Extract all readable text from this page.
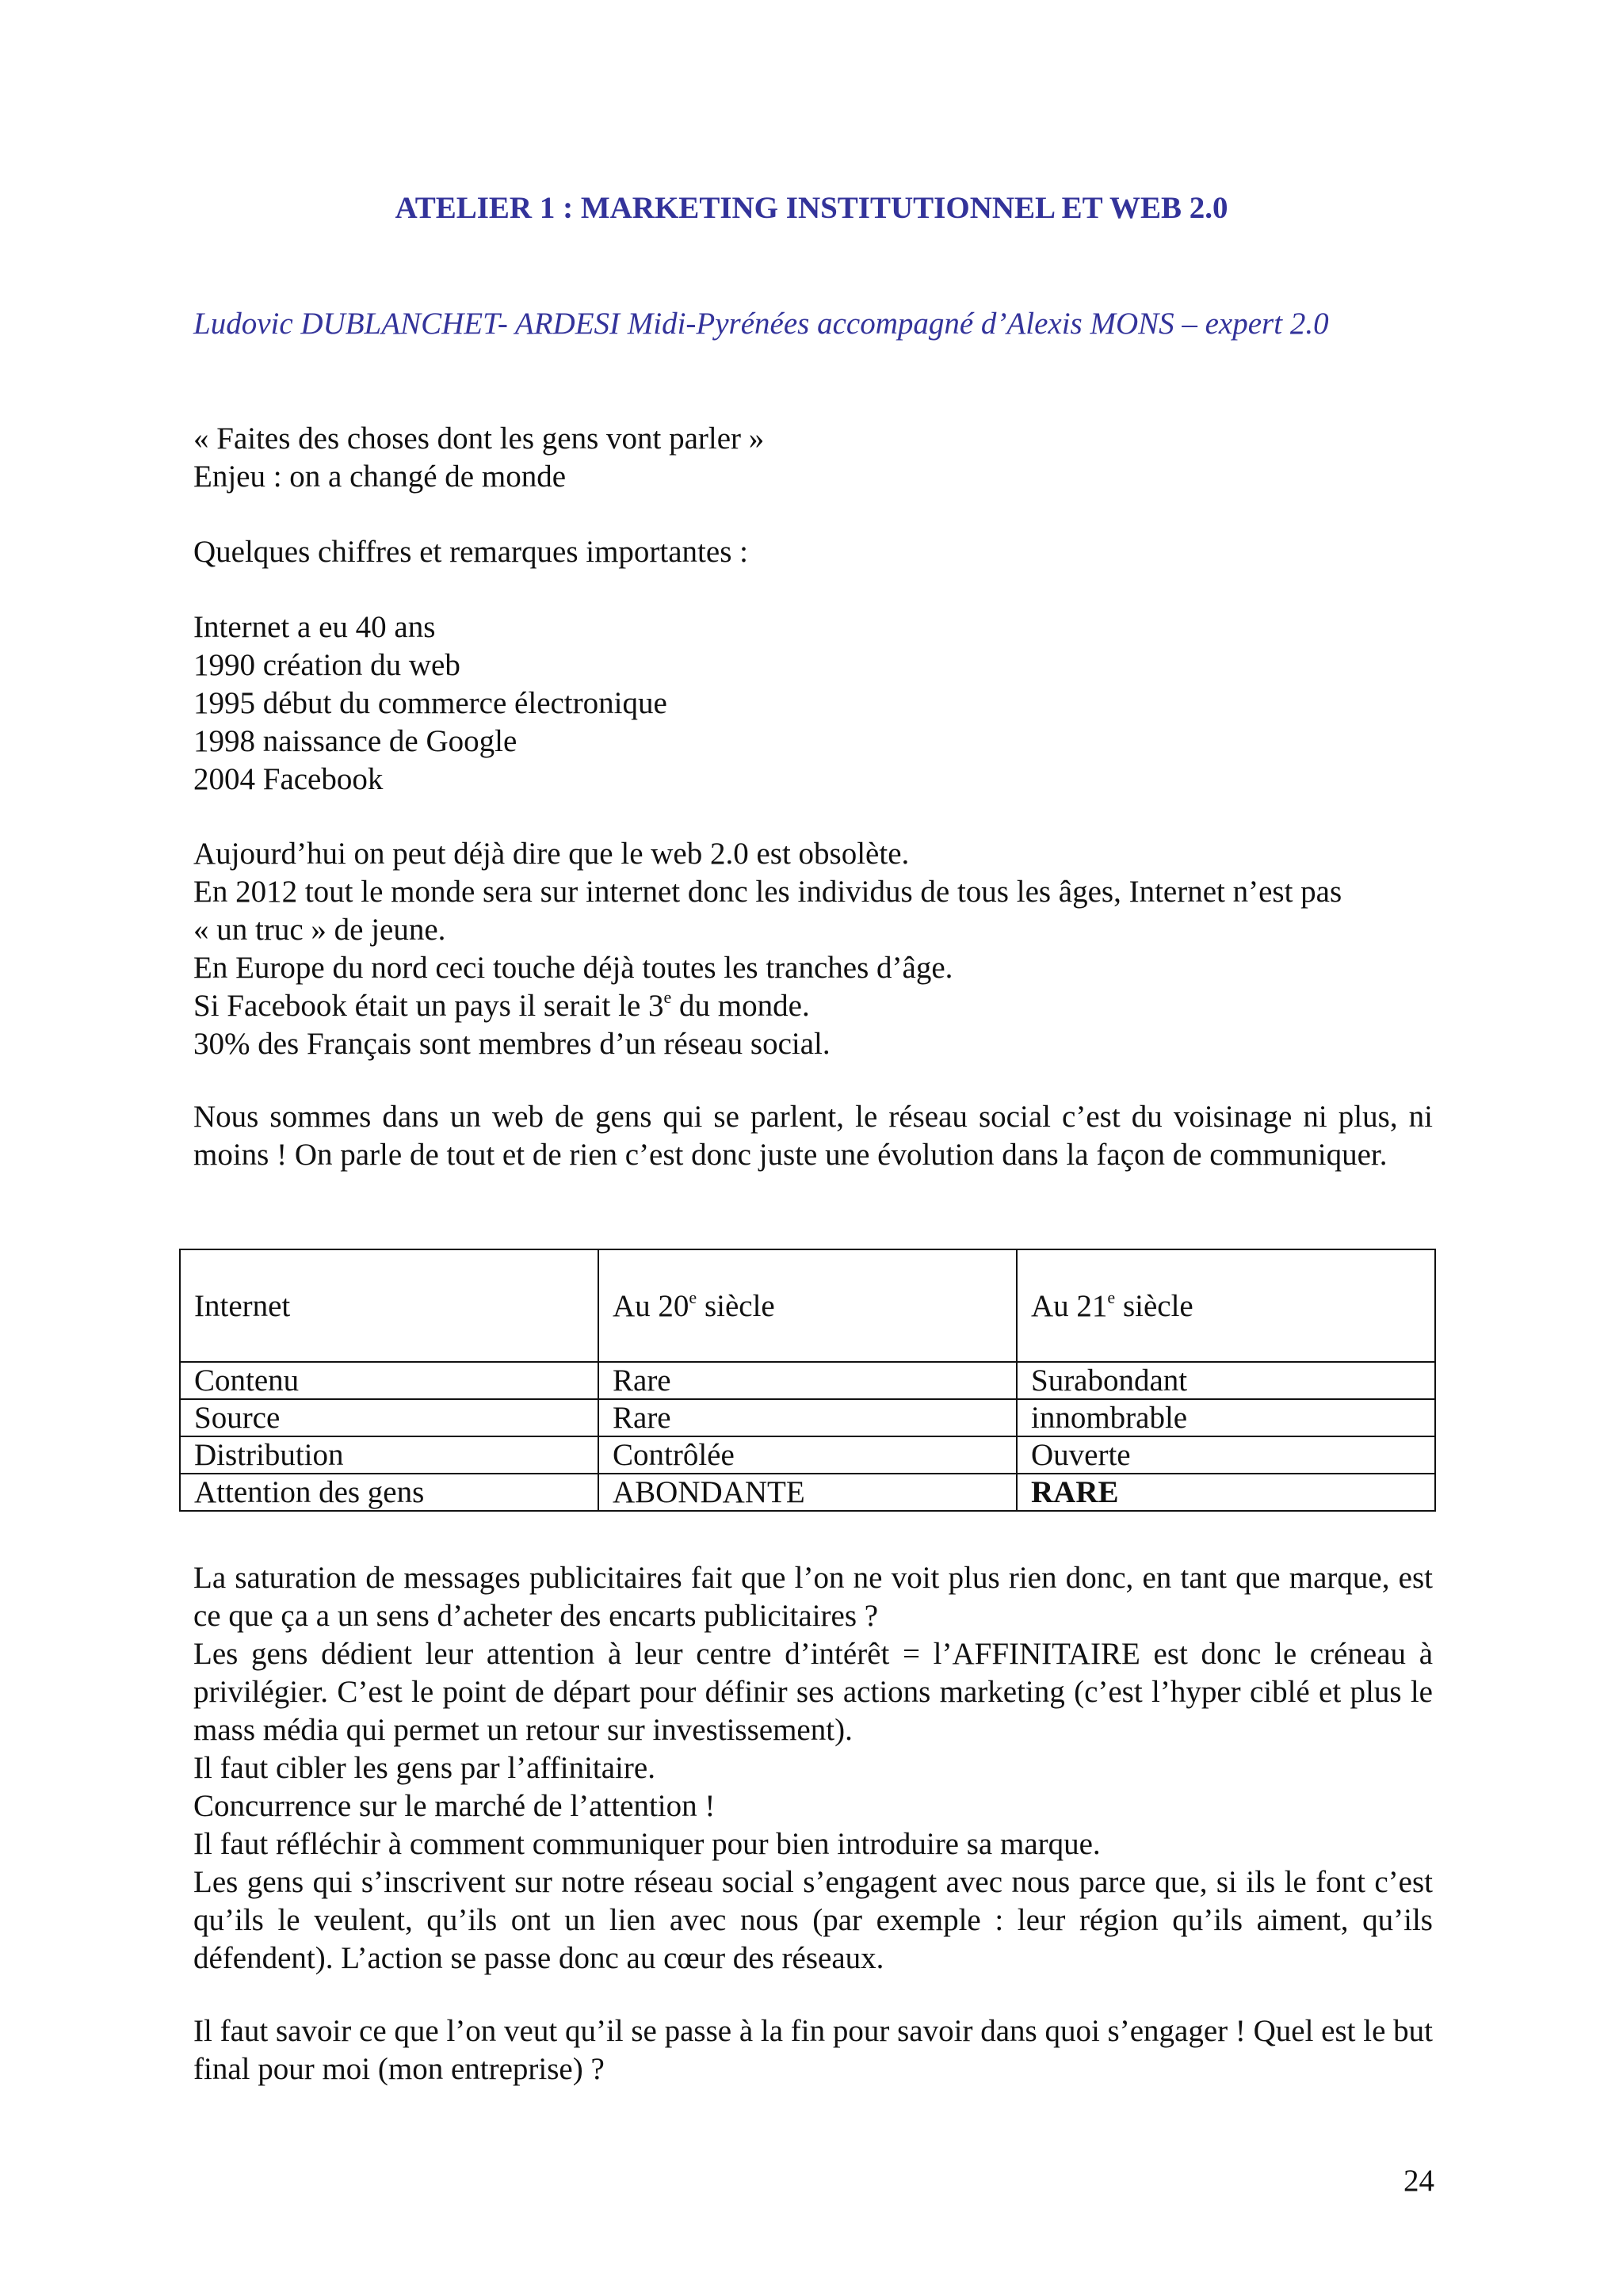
ATELIER 1 : MARKETING INSTITUTIONNEL ET WEB 2.0
Ludovic DUBLANCHET- ARDESI Midi-Pyrénées accompagné d’Alexis MONS – expert 2.0
« Faites des choses dont les gens vont parler »
Enjeu : on a changé de monde
Quelques chiffres et remarques importantes :
Internet a eu 40 ans
1990 création du web
1995 début du commerce électronique
1998 naissance de Google
2004 Facebook
Aujourd’hui on peut déjà dire que le web 2.0 est obsolète.
En 2012 tout le monde sera sur internet donc les individus de tous les âges, Internet n’est pas
« un truc » de jeune.
En Europe du nord ceci touche déjà toutes les tranches d’âge.
Si Facebook était un pays il serait le 3e du monde.
30% des Français sont membres d’un réseau social.
Nous sommes dans un web de gens qui se parlent, le réseau social c’est du voisinage ni plus, ni moins ! On parle de tout et de rien c’est donc juste une évolution dans la façon de communiquer.
Internet	Au 20e siècle	Au 21e siècle
Contenu	Rare	Surabondant
Source	Rare	innombrable
Distribution	Contrôlée	Ouverte
Attention des gens	ABONDANTE	RARE
La saturation de messages publicitaires fait que l’on ne voit plus rien donc, en tant que marque, est ce que ça a un sens d’acheter des encarts publicitaires ?
Les gens dédient leur attention à leur centre d’intérêt = l’AFFINITAIRE est donc le créneau à privilégier. C’est le point de départ pour définir ses actions marketing (c’est l’hyper ciblé et plus le mass média qui permet un retour sur investissement).
Il faut cibler les gens par l’affinitaire.
Concurrence sur le marché de l’attention !
Il faut réfléchir à comment communiquer pour bien introduire sa marque.
Les gens qui s’inscrivent sur notre réseau social s’engagent avec nous parce que, si ils le font c’est qu’ils le veulent, qu’ils ont un lien avec nous (par exemple : leur région qu’ils aiment, qu’ils défendent). L’action se passe donc au cœur des réseaux.
Il faut savoir ce que l’on veut qu’il se passe à la fin pour savoir dans quoi s’engager ! Quel est le but final pour moi (mon entreprise) ?
24
